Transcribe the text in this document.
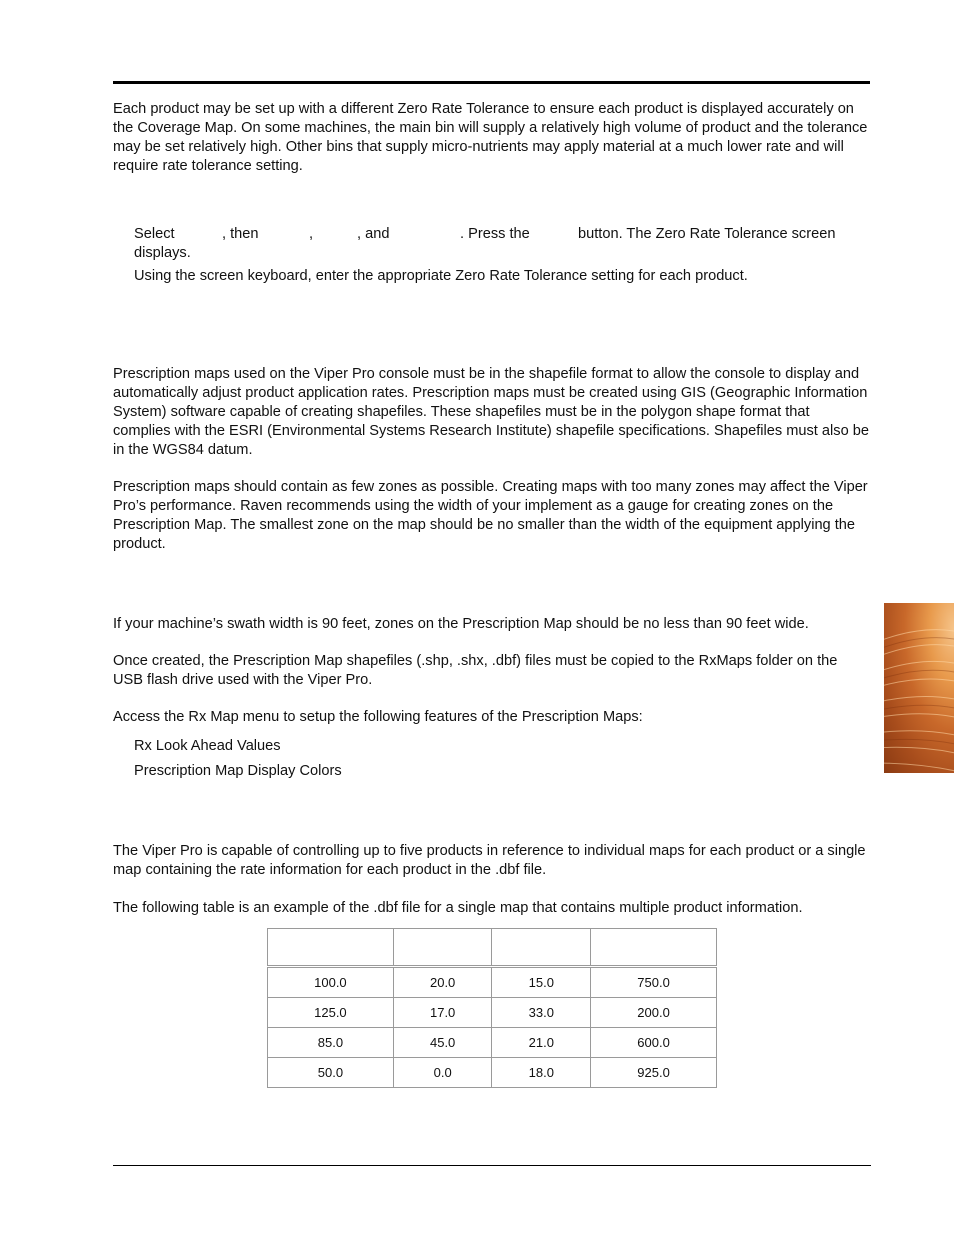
Each product may be set up with a different Zero Rate Tolerance to ensure each product is displayed accurately on the Coverage Map. On some machines, the main bin will supply a relatively high volume of product and the tolerance may be set relatively high. Other bins that supply micro-nutrients may apply material at a much lower rate and will require rate tolerance setting.

Select	, then	,	, and	. Press the	button. The Zero Rate Tolerance screen
displays.
Using the screen keyboard, enter the appropriate Zero Rate Tolerance setting for each product.

Prescription maps used on the Viper Pro console must be in the shapefile format to allow the console to display and automatically adjust product application rates. Prescription maps must be created using GIS (Geographic Information System) software capable of creating shapefiles. These shapefiles must be in the polygon shape format that complies with the ESRI (Environmental Systems Research Institute) shapefile specifications. Shapefiles must also be in the WGS84 datum.

Prescription maps should contain as few zones as possible. Creating maps with too many zones may affect the Viper Pro’s performance. Raven recommends using the width of your implement as a gauge for creating zones on the Prescription Map. The smallest zone on the map should be no smaller than the width of the equipment applying the product.

If your machine’s swath width is 90 feet, zones on the Prescription Map should be no less than 90 feet wide.

Once created, the Prescription Map shapefiles (.shp, .shx, .dbf) files must be copied to the RxMaps folder on the USB flash drive used with the Viper Pro.

Access the Rx Map menu to setup the following features of the Prescription Maps:

Rx Look Ahead Values
Prescription Map Display Colors

The Viper Pro is capable of controlling up to five products in reference to individual maps for each product or a single map containing the rate information for each product in the .dbf file.

The following table is an example of the .dbf file for a single map that contains multiple product information.

100.0	20.0	15.0	750.0
125.0	17.0	33.0	200.0
85.0	45.0	21.0	600.0
50.0	0.0	18.0	925.0
